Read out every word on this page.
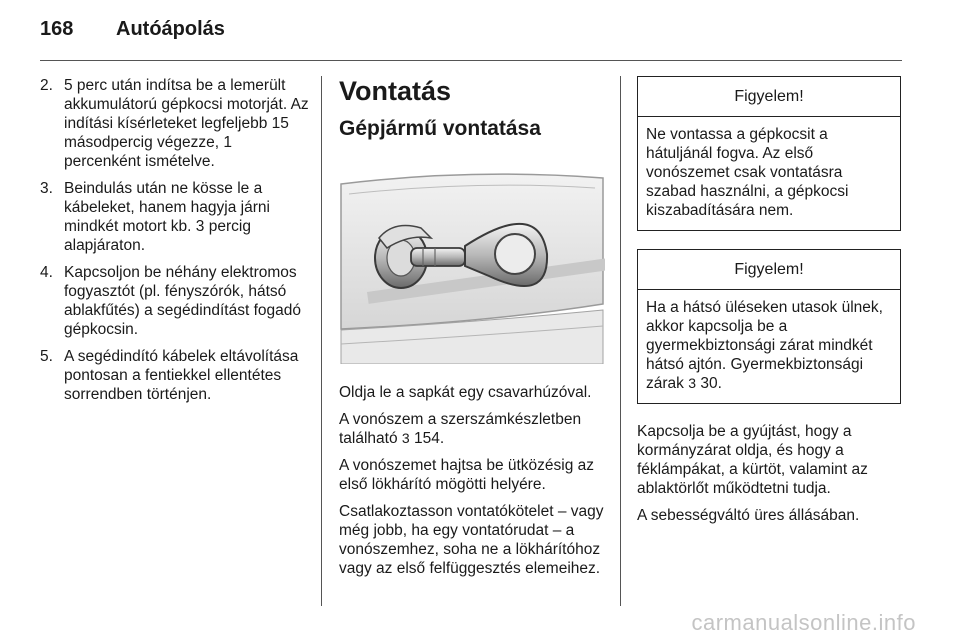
168 Autóápolás
2. 5 perc után indítsa be a lemerült akkumulátorú gépkocsi motorját. Az indítási kísérleteket legfeljebb 15 másodpercig végezze, 1 percenként ismételve.
3. Beindulás után ne kösse le a kábeleket, hanem hagyja járni mindkét motort kb. 3 percig alapjáraton.
4. Kapcsoljon be néhány elektromos fogyasztót (pl. fényszórók, hátsó ablakfűtés) a segédindítást fogadó gépkocsin.
5. A segédindító kábelek eltávolítása pontosan a fentiekkel ellentétes sorrendben történjen.
Vontatás
Gépjármű vontatása

Oldja le a sapkát egy csavarhúzóval.

A vonószem a szerszámkészletben található 3 154.

A vonószemet hajtsa be ütközésig az első lökhárító mögötti helyére.

Csatlakoztasson vontatókötelet – vagy még jobb, ha egy vontatórudat – a vonószemhez, soha ne a lökhárítóhoz vagy az első felfüggesztés elemeihez.

Figyelem!
Ne vontassa a gépkocsit a hátuljánál fogva. Az első vonószemet csak vontatásra szabad használni, a gépkocsi kiszabadítására nem.
Figyelem!
Ha a hátsó üléseken utasok ülnek, akkor kapcsolja be a gyermekbiztonsági zárat mindkét hátsó ajtón. Gyermekbiztonsági zárak 3 30.

Kapcsolja be a gyújtást, hogy a kormányzárat oldja, és hogy a féklámpákat, a kürtöt, valamint az ablaktörlőt működtetni tudja.

A sebességváltó üres állásában.

carmanualsonline.info
